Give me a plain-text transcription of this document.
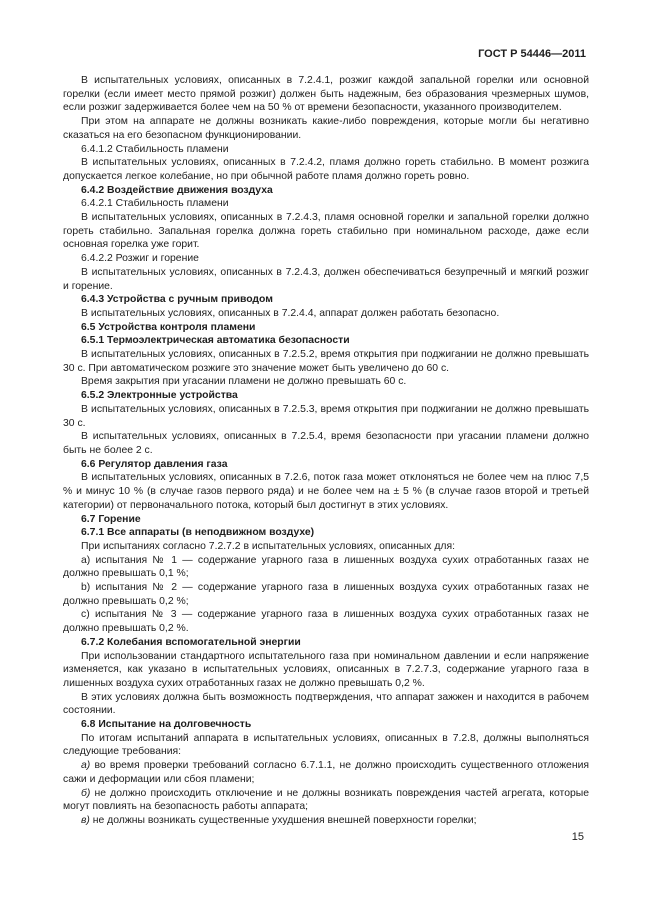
ГОСТ Р 54446—2011
В испытательных условиях, описанных в 7.2.4.1, розжиг каждой запальной горелки или основной горелки (если имеет место прямой розжиг) должен быть надежным, без образования чрезмерных шумов, если розжиг задерживается более чем на 50 % от времени безопасности, указанного производителем.
При этом на аппарате не должны возникать какие-либо повреждения, которые могли бы негативно сказаться на его безопасном функционировании.
6.4.1.2 Стабильность пламени
В испытательных условиях, описанных в 7.2.4.2, пламя должно гореть стабильно. В момент розжига допускается легкое колебание, но при обычной работе пламя должно гореть ровно.
6.4.2 Воздействие движения воздуха
6.4.2.1 Стабильность пламени
В испытательных условиях, описанных в 7.2.4.3, пламя основной горелки и запальной горелки должно гореть стабильно. Запальная горелка должна гореть стабильно при номинальном расходе, даже если основная горелка уже горит.
6.4.2.2 Розжиг и горение
В испытательных условиях, описанных в 7.2.4.3, должен обеспечиваться безупречный и мягкий розжиг и горение.
6.4.3 Устройства с ручным приводом
В испытательных условиях, описанных в 7.2.4.4, аппарат должен работать безопасно.
6.5 Устройства контроля пламени
6.5.1 Термоэлектрическая автоматика безопасности
В испытательных условиях, описанных в 7.2.5.2, время открытия при поджигании не должно превышать 30 с. При автоматическом розжиге это значение может быть увеличено до 60 с.
Время закрытия при угасании пламени не должно превышать 60 с.
6.5.2 Электронные устройства
В испытательных условиях, описанных в 7.2.5.3, время открытия при поджигании не должно превышать 30 с.
В испытательных условиях, описанных в 7.2.5.4, время безопасности при угасании пламени должно быть не более 2 с.
6.6 Регулятор давления газа
В испытательных условиях, описанных в 7.2.6, поток газа может отклоняться не более чем на плюс 7,5 % и минус 10 % (в случае газов первого ряда) и не более чем на ± 5 % (в случае газов второй и третьей категории) от первоначального потока, который был достигнут в этих условиях.
6.7 Горение
6.7.1 Все аппараты (в неподвижном воздухе)
При испытаниях согласно 7.2.7.2 в испытательных условиях, описанных для:
а) испытания № 1 — содержание угарного газа в лишенных воздуха сухих отработанных газах не должно превышать 0,1 %;
b) испытания № 2 — содержание угарного газа в лишенных воздуха сухих отработанных газах не должно превышать 0,2 %;
c) испытания № 3 — содержание угарного газа в лишенных воздуха сухих отработанных газах не должно превышать 0,2 %.
6.7.2 Колебания вспомогательной энергии
При использовании стандартного испытательного газа при номинальном давлении и если напряжение изменяется, как указано в испытательных условиях, описанных в 7.2.7.3, содержание угарного газа в лишенных воздуха сухих отработанных газах не должно превышать 0,2 %.
В этих условиях должна быть возможность подтверждения, что аппарат зажжен и находится в рабочем состоянии.
6.8 Испытание на долговечность
По итогам испытаний аппарата в испытательных условиях, описанных в 7.2.8, должны выполняться следующие требования:
а) во время проверки требований согласно 6.7.1.1, не должно происходить существенного отложения сажи и деформации или сбоя пламени;
б) не должно происходить отключение и не должны возникать повреждения частей агрегата, которые могут повлиять на безопасность работы аппарата;
в) не должны возникать существенные ухудшения внешней поверхности горелки;
15
